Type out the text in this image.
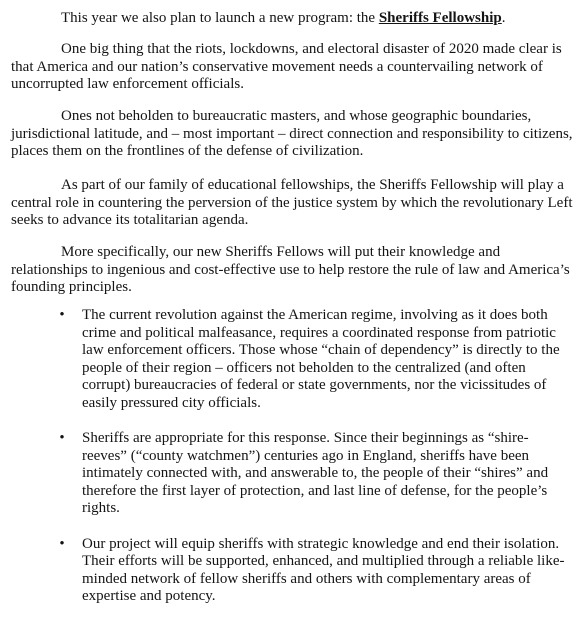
This year we also plan to launch a new program: the Sheriffs Fellowship.

One big thing that the riots, lockdowns, and electoral disaster of 2020 made clear is that America and our nation’s conservative movement needs a countervailing network of uncorrupted law enforcement officials.

Ones not beholden to bureaucratic masters, and whose geographic boundaries, jurisdictional latitude, and – most important – direct connection and responsibility to citizens, places them on the frontlines of the defense of civilization.

As part of our family of educational fellowships, the Sheriffs Fellowship will play a central role in countering the perversion of the justice system by which the revolutionary Left seeks to advance its totalitarian agenda.

More specifically, our new Sheriffs Fellows will put their knowledge and relationships to ingenious and cost-effective use to help restore the rule of law and America’s founding principles.

• The current revolution against the American regime, involving as it does both crime and political malfeasance, requires a coordinated response from patriotic law enforcement officers. Those whose “chain of dependency” is directly to the people of their region – officers not beholden to the centralized (and often corrupt) bureaucracies of federal or state governments, nor the vicissitudes of easily pressured city officials.
• Sheriffs are appropriate for this response. Since their beginnings as “shire-reeves” (“county watchmen”) centuries ago in England, sheriffs have been intimately connected with, and answerable to, the people of their “shires” and therefore the first layer of protection, and last line of defense, for the people’s rights.
• Our project will equip sheriffs with strategic knowledge and end their isolation. Their efforts will be supported, enhanced, and multiplied through a reliable like-minded network of fellow sheriffs and others with complementary areas of expertise and potency.
